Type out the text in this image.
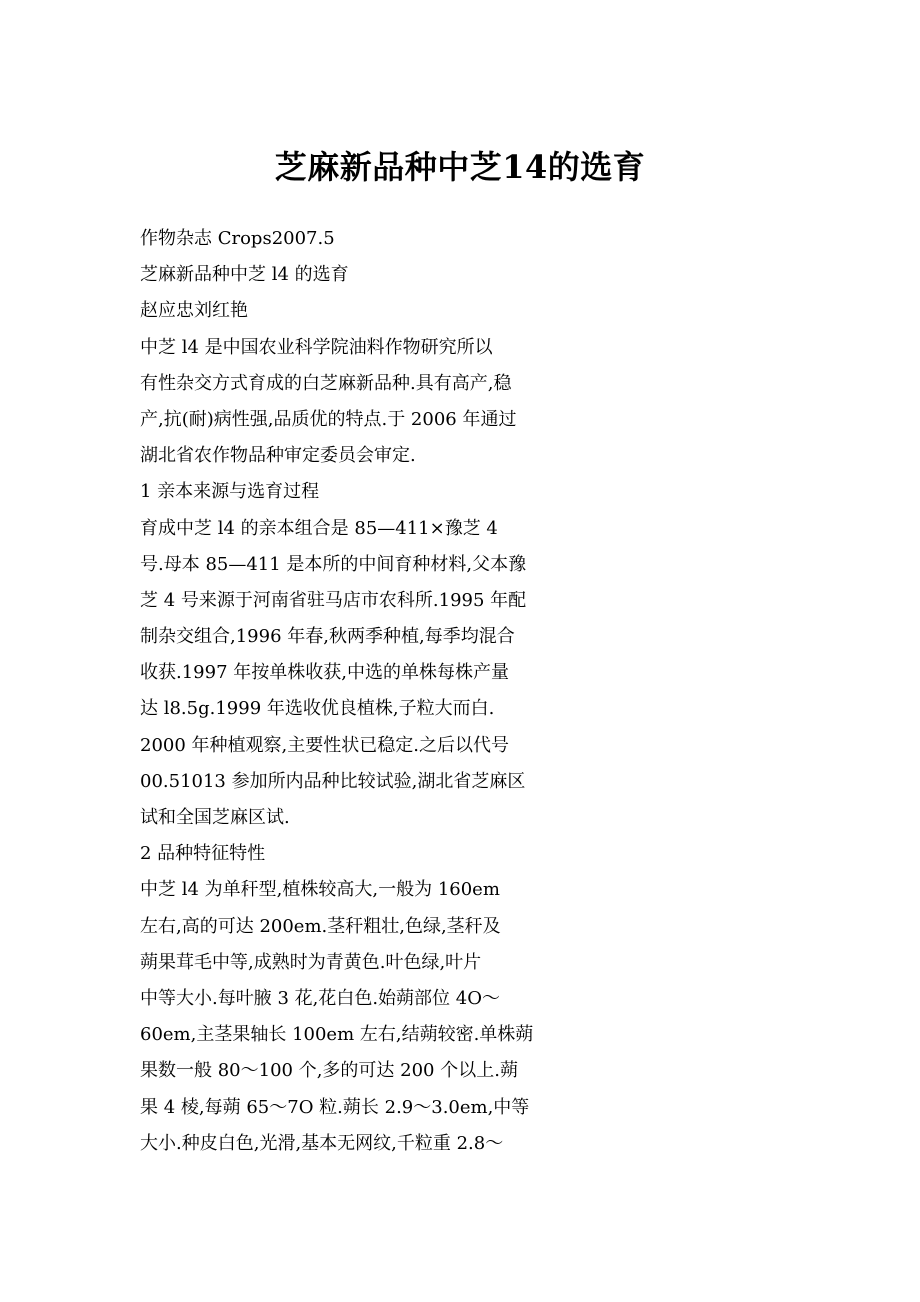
芝麻新品种中芝14的选育

作物杂志 Crops2007.5

芝麻新品种中芝 l4 的选育

赵应忠刘红艳

中芝 l4 是中国农业科学院油料作物研究所以

有性杂交方式育成的白芝麻新品种.具有高产,稳

产,抗(耐)病性强,品质优的特点.于 2006 年通过

湖北省农作物品种审定委员会审定.

1 亲本来源与选育过程

育成中芝 l4 的亲本组合是 85—411×豫芝 4

号.母本 85—411 是本所的中间育种材料,父本豫

芝 4 号来源于河南省驻马店市农科所.1995 年配

制杂交组合,1996 年春,秋两季种植,每季均混合

收获.1997 年按单株收获,中选的单株每株产量

达 l8.5g.1999 年选收优良植株,子粒大而白.

2000 年种植观察,主要性状已稳定.之后以代号

00.51013 参加所内品种比较试验,湖北省芝麻区

试和全国芝麻区试.

2 品种特征特性

中芝 l4 为单秆型,植株较高大,一般为 160em

左右,高的可达 200em.茎秆粗壮,色绿,茎秆及

蒴果茸毛中等,成熟时为青黄色.叶色绿,叶片

中等大小.每叶腋 3 花,花白色.始蒴部位 4O～

60em,主茎果轴长 100em 左右,结蒴较密.单株蒴

果数一般 80～100 个,多的可达 200 个以上.蒴

果 4 棱,每蒴 65～7O 粒.蒴长 2.9～3.0em,中等

大小.种皮白色,光滑,基本无网纹,千粒重 2.8～
